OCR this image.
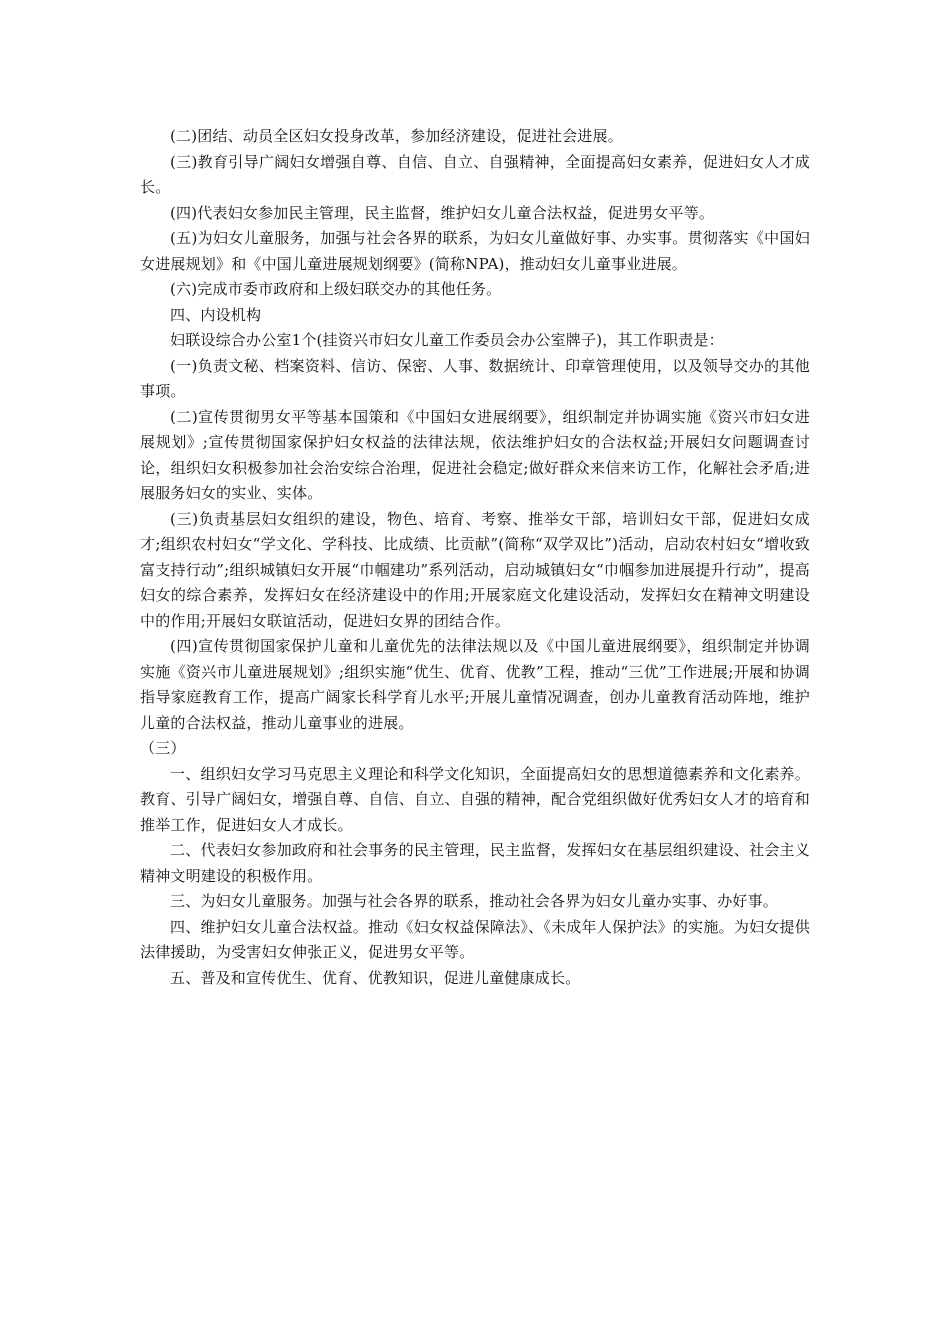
(二)团结、动员全区妇女投身改革，参加经济建设，促进社会进展。

(三)教育引导广阔妇女增强自尊、自信、自立、自强精神，全面提高妇女素养，促进妇女人才成长。

(四)代表妇女参加民主管理，民主监督，维护妇女儿童合法权益，促进男女平等。

(五)为妇女儿童服务，加强与社会各界的联系，为妇女儿童做好事、办实事。贯彻落实《中国妇女进展规划》和《中国儿童进展规划纲要》(简称NPA)，推动妇女儿童事业进展。

(六)完成市委市政府和上级妇联交办的其他任务。

四、内设机构

妇联设综合办公室1个(挂资兴市妇女儿童工作委员会办公室牌子)，其工作职责是：

(一)负责文秘、档案资料、信访、保密、人事、数据统计、印章管理使用，以及领导交办的其他事项。

(二)宣传贯彻男女平等基本国策和《中国妇女进展纲要》，组织制定并协调实施《资兴市妇女进展规划》;宣传贯彻国家保护妇女权益的法律法规，依法维护妇女的合法权益;开展妇女问题调查讨论，组织妇女积极参加社会治安综合治理，促进社会稳定;做好群众来信来访工作，化解社会矛盾;进展服务妇女的实业、实体。

(三)负责基层妇女组织的建设，物色、培育、考察、推举女干部，培训妇女干部，促进妇女成才;组织农村妇女“学文化、学科技、比成绩、比贡献”(简称“双学双比”)活动，启动农村妇女“增收致富支持行动”;组织城镇妇女开展“巾帼建功”系列活动，启动城镇妇女“巾帼参加进展提升行动”，提高妇女的综合素养，发挥妇女在经济建设中的作用;开展家庭文化建设活动，发挥妇女在精神文明建设中的作用;开展妇女联谊活动，促进妇女界的团结合作。

(四)宣传贯彻国家保护儿童和儿童优先的法律法规以及《中国儿童进展纲要》，组织制定并协调实施《资兴市儿童进展规划》;组织实施“优生、优育、优教”工程，推动“三优”工作进展;开展和协调指导家庭教育工作，提高广阔家长科学育儿水平;开展儿童情况调查，创办儿童教育活动阵地，维护儿童的合法权益，推动儿童事业的进展。

（三）

一、组织妇女学习马克思主义理论和科学文化知识，全面提高妇女的思想道德素养和文化素养。教育、引导广阔妇女，增强自尊、自信、自立、自强的精神，配合党组织做好优秀妇女人才的培育和推举工作，促进妇女人才成长。

二、代表妇女参加政府和社会事务的民主管理，民主监督，发挥妇女在基层组织建设、社会主义精神文明建设的积极作用。

三、为妇女儿童服务。加强与社会各界的联系，推动社会各界为妇女儿童办实事、办好事。

四、维护妇女儿童合法权益。推动《妇女权益保障法》、《未成年人保护法》的实施。为妇女提供法律援助，为受害妇女伸张正义，促进男女平等。

五、普及和宣传优生、优育、优教知识，促进儿童健康成长。
